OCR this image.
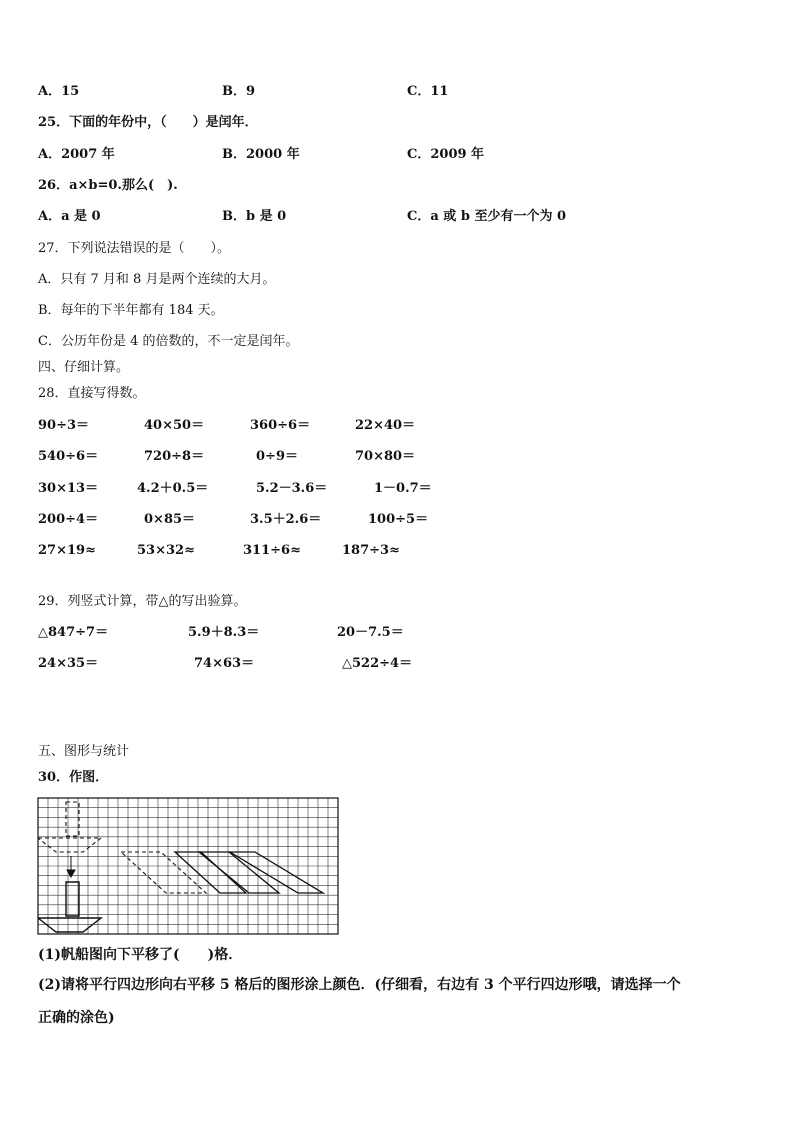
A．15	B．9	C．11
25．下面的年份中，（　　）是闰年．
A．2007 年	B．2000 年	C．2009 年
26．a×b=0.那么(　).
A．a 是 0	B．b 是 0	C．a 或 b 至少有一个为 0
27．下列说法错误的是（　　）。
A．只有 7 月和 8 月是两个连续的大月。
B．每年的下半年都有 184 天。
C．公历年份是 4 的倍数的，不一定是闰年。
四、仔细计算。
28．直接写得数。
90÷3＝	40×50＝	360÷6＝	22×40＝
540÷6＝	720÷8＝	0÷9＝	70×80＝
30×13＝	4.2＋0.5＝	5.2－3.6＝	1－0.7＝
200÷4＝	0×85＝	3.5＋2.6＝	100÷5＝
27×19≈	53×32≈	311÷6≈	187÷3≈
29．列竖式计算，带△的写出验算。
△847÷7＝	5.9＋8.3＝	20－7.5＝
24×35＝	74×63＝	△522÷4＝
五、图形与统计
30．作图．
(1)帆船图向下平移了(　　)格．
(2)请将平行四边形向右平移 5 格后的图形涂上颜色．(仔细看，右边有 3 个平行四边形哦，请选择一个
正确的涂色)
